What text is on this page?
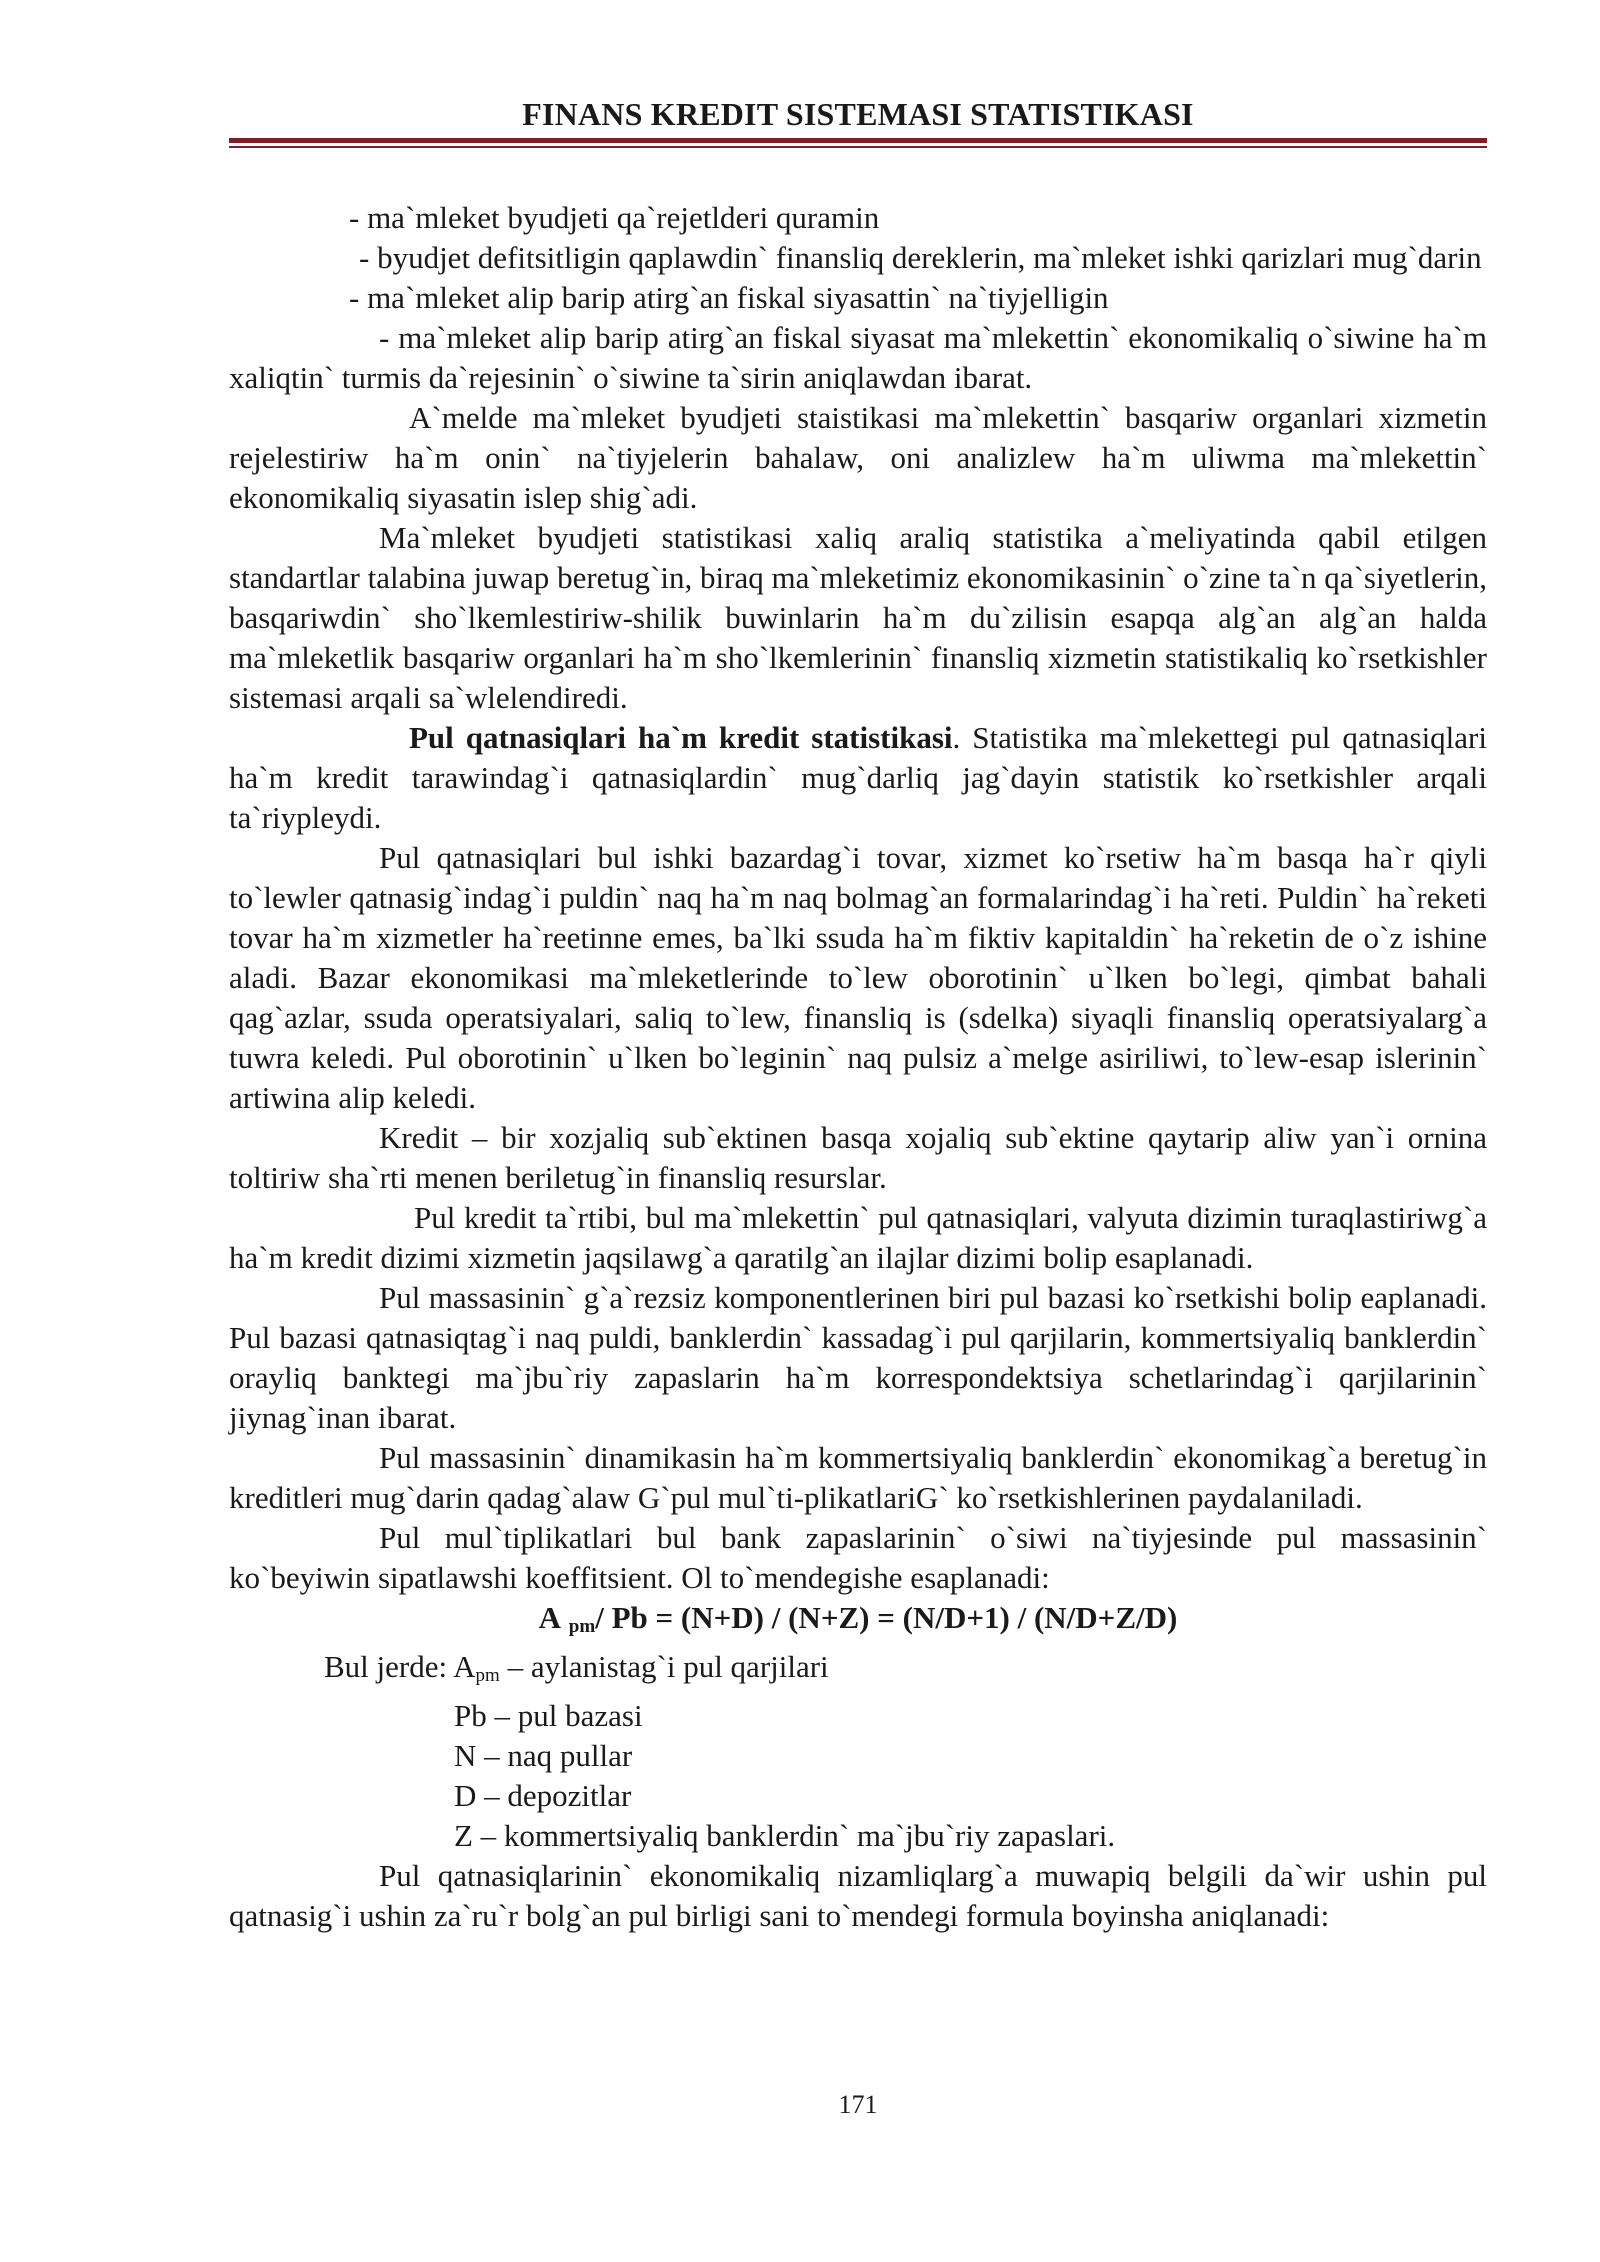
FINANS KREDIT SISTEMASI STATISTIKASI

- ma`mleket byudjeti qa`rejetlderi quramin

- byudjet defitsitligin qaplawdin` finansliq dereklerin, ma`mleket ishki qarizlari mug`darin

- ma`mleket alip barip atirg`an fiskal siyasattin` na`tiyjelligin

- ma`mleket alip barip atirg`an fiskal siyasat ma`mlekettin` ekonomikaliq o`siwine ha`m xaliqtin` turmis da`rejesinin` o`siwine ta`sirin aniqlawdan ibarat.

A`melde ma`mleket byudjeti staistikasi ma`mlekettin` basqariw organlari xizmetin rejelestiriw ha`m onin` na`tiyjelerin bahalaw, oni analizlew ha`m uliwma ma`mlekettin` ekonomikaliq siyasatin islep shig`adi.

Ma`mleket byudjeti statistikasi xaliq araliq statistika a`meliyatinda qabil etilgen standartlar talabina juwap beretug`in, biraq ma`mleketimiz ekonomikasinin` o`zine ta`n qa`siyetlerin, basqariwdin` sho`lkemlestiriw-shilik buwinlarin ha`m du`zilisin esapqa alg`an alg`an halda ma`mleketlik basqariw organlari ha`m sho`lkemlerinin` finansliq xizmetin statistikaliq ko`rsetkishler sistemasi arqali sa`wlelendiredi.

Pul qatnasiqlari ha`m kredit statistikasi. Statistika ma`mlekettegi pul qatnasiqlari ha`m kredit tarawindag`i qatnasiqlardin` mug`darliq jag`dayin statistik ko`rsetkishler arqali ta`riypleydi.

Pul qatnasiqlari bul ishki bazardag`i tovar, xizmet ko`rsetiw ha`m basqa ha`r qiyli to`lewler qatnasig`indag`i puldin` naq ha`m naq bolmag`an formalarindag`i ha`reti. Puldin` ha`reketi tovar ha`m xizmetler ha`reetinne emes, ba`lki ssuda ha`m fiktiv kapitaldin` ha`reketin de o`z ishine aladi. Bazar ekonomikasi ma`mleketlerinde to`lew oborotinin` u`lken bo`legi, qimbat bahali qag`azlar, ssuda operatsiyalari, saliq to`lew, finansliq is (sdelka) siyaqli finansliq operatsiyalarg`a tuwra keledi. Pul oborotinin` u`lken bo`leginin` naq pulsiz a`melge asiriliwi, to`lew-esap islerinin` artiwina alip keledi.

Kredit – bir xozjaliq sub`ektinen basqa xojaliq sub`ektine qaytarip aliw yan`i ornina toltiriw sha`rti menen beriletug`in finansliq resurslar.

Pul kredit ta`rtibi, bul ma`mlekettin` pul qatnasiqlari, valyuta dizimin turaqlastiriwg`a ha`m kredit dizimi xizmetin jaqsilawg`a qaratilg`an ilajlar dizimi bolip esaplanadi.

Pul massasinin` g`a`rezsiz komponentlerinen biri pul bazasi ko`rsetkishi bolip eaplanadi. Pul bazasi qatnasiqtag`i naq puldi, banklerdin` kassadag`i pul qarjilarin, kommertsiyaliq banklerdin` orayliq banktegi ma`jbu`riy zapaslarin ha`m korrespondektsiya schetlarindag`i qarjilarinin` jiynag`inan ibarat.

Pul massasinin` dinamikasin ha`m kommertsiyaliq banklerdin` ekonomikag`a beretug`in kreditleri mug`darin qadag`alaw G`pul mul`ti-plikatlariG` ko`rsetkishlerinen paydalaniladi.

Pul mul`tiplikatlari bul bank zapaslarinin` o`siwi na`tiyjesinde pul massasinin` ko`beyiwin sipatlawshi koeffitsient. Ol to`mendegishe esaplanadi:

A $_{pm}$/ Pb = (N+D) / (N+Z) = (N/D+1) / (N/D+Z/D)

Bul jerde: Apm – aylanistag`i pul qarjilari

Pb – pul bazasi

N – naq pullar

D – depozitlar

Z – kommertsiyaliq banklerdin` ma`jbu`riy zapaslari.

Pul qatnasiqlarinin` ekonomikaliq nizamliqlarg`a muwapiq belgili da`wir ushin pul qatnasig`i ushin za`ru`r bolg`an pul birligi sani to`mendegi formula boyinsha aniqlanadi:

171
